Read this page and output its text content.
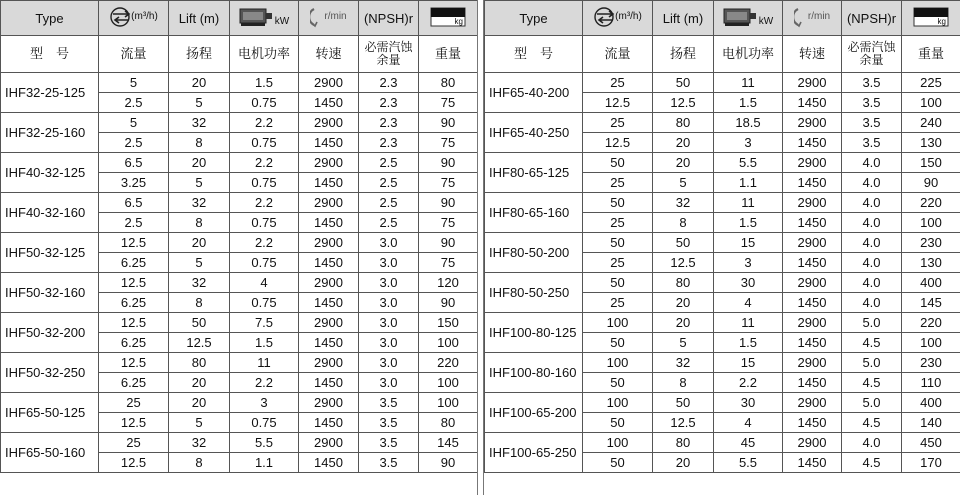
Type	(m³/h)	Lift (m)	kW	r/min	(NPSH)r	kg

型　号	流量	扬程	电机功率	转速	必需汽蚀余量	重量
IHF32-25-125	5	20	1.5	2900	2.3	80
	2.5	5	0.75	1450	2.3	75
IHF32-25-160	5	32	2.2	2900	2.3	90
	2.5	8	0.75	1450	2.3	75
IHF40-32-125	6.5	20	2.2	2900	2.5	90
	3.25	5	0.75	1450	2.5	75
IHF40-32-160	6.5	32	2.2	2900	2.5	90
	2.5	8	0.75	1450	2.5	75
IHF50-32-125	12.5	20	2.2	2900	3.0	90
	6.25	5	0.75	1450	3.0	75
IHF50-32-160	12.5	32	4	2900	3.0	120
	6.25	8	0.75	1450	3.0	90
IHF50-32-200	12.5	50	7.5	2900	3.0	150
	6.25	12.5	1.5	1450	3.0	100
IHF50-32-250	12.5	80	11	2900	3.0	220
	6.25	20	2.2	1450	3.0	100
IHF65-50-125	25	20	3	2900	3.5	100
	12.5	5	0.75	1450	3.5	80
IHF65-50-160	25	32	5.5	2900	3.5	145
	12.5	8	1.1	1450	3.5	90
Type	(m³/h)	Lift (m)	kW	r/min	(NPSH)r	kg

型　号	流量	扬程	电机功率	转速	必需汽蚀余量	重量
IHF65-40-200	25	50	11	2900	3.5	225
	12.5	12.5	1.5	1450	3.5	100
IHF65-40-250	25	80	18.5	2900	3.5	240
	12.5	20	3	1450	3.5	130
IHF80-65-125	50	20	5.5	2900	4.0	150
	25	5	1.1	1450	4.0	90
IHF80-65-160	50	32	11	2900	4.0	220
	25	8	1.5	1450	4.0	100
IHF80-50-200	50	50	15	2900	4.0	230
	25	12.5	3	1450	4.0	130
IHF80-50-250	50	80	30	2900	4.0	400
	25	20	4	1450	4.0	145
IHF100-80-125	100	20	11	2900	5.0	220
	50	5	1.5	1450	4.5	100
IHF100-80-160	100	32	15	2900	5.0	230
	50	8	2.2	1450	4.5	110
IHF100-65-200	100	50	30	2900	5.0	400
	50	12.5	4	1450	4.5	140
IHF100-65-250	100	80	45	2900	4.0	450
	50	20	5.5	1450	4.5	170
